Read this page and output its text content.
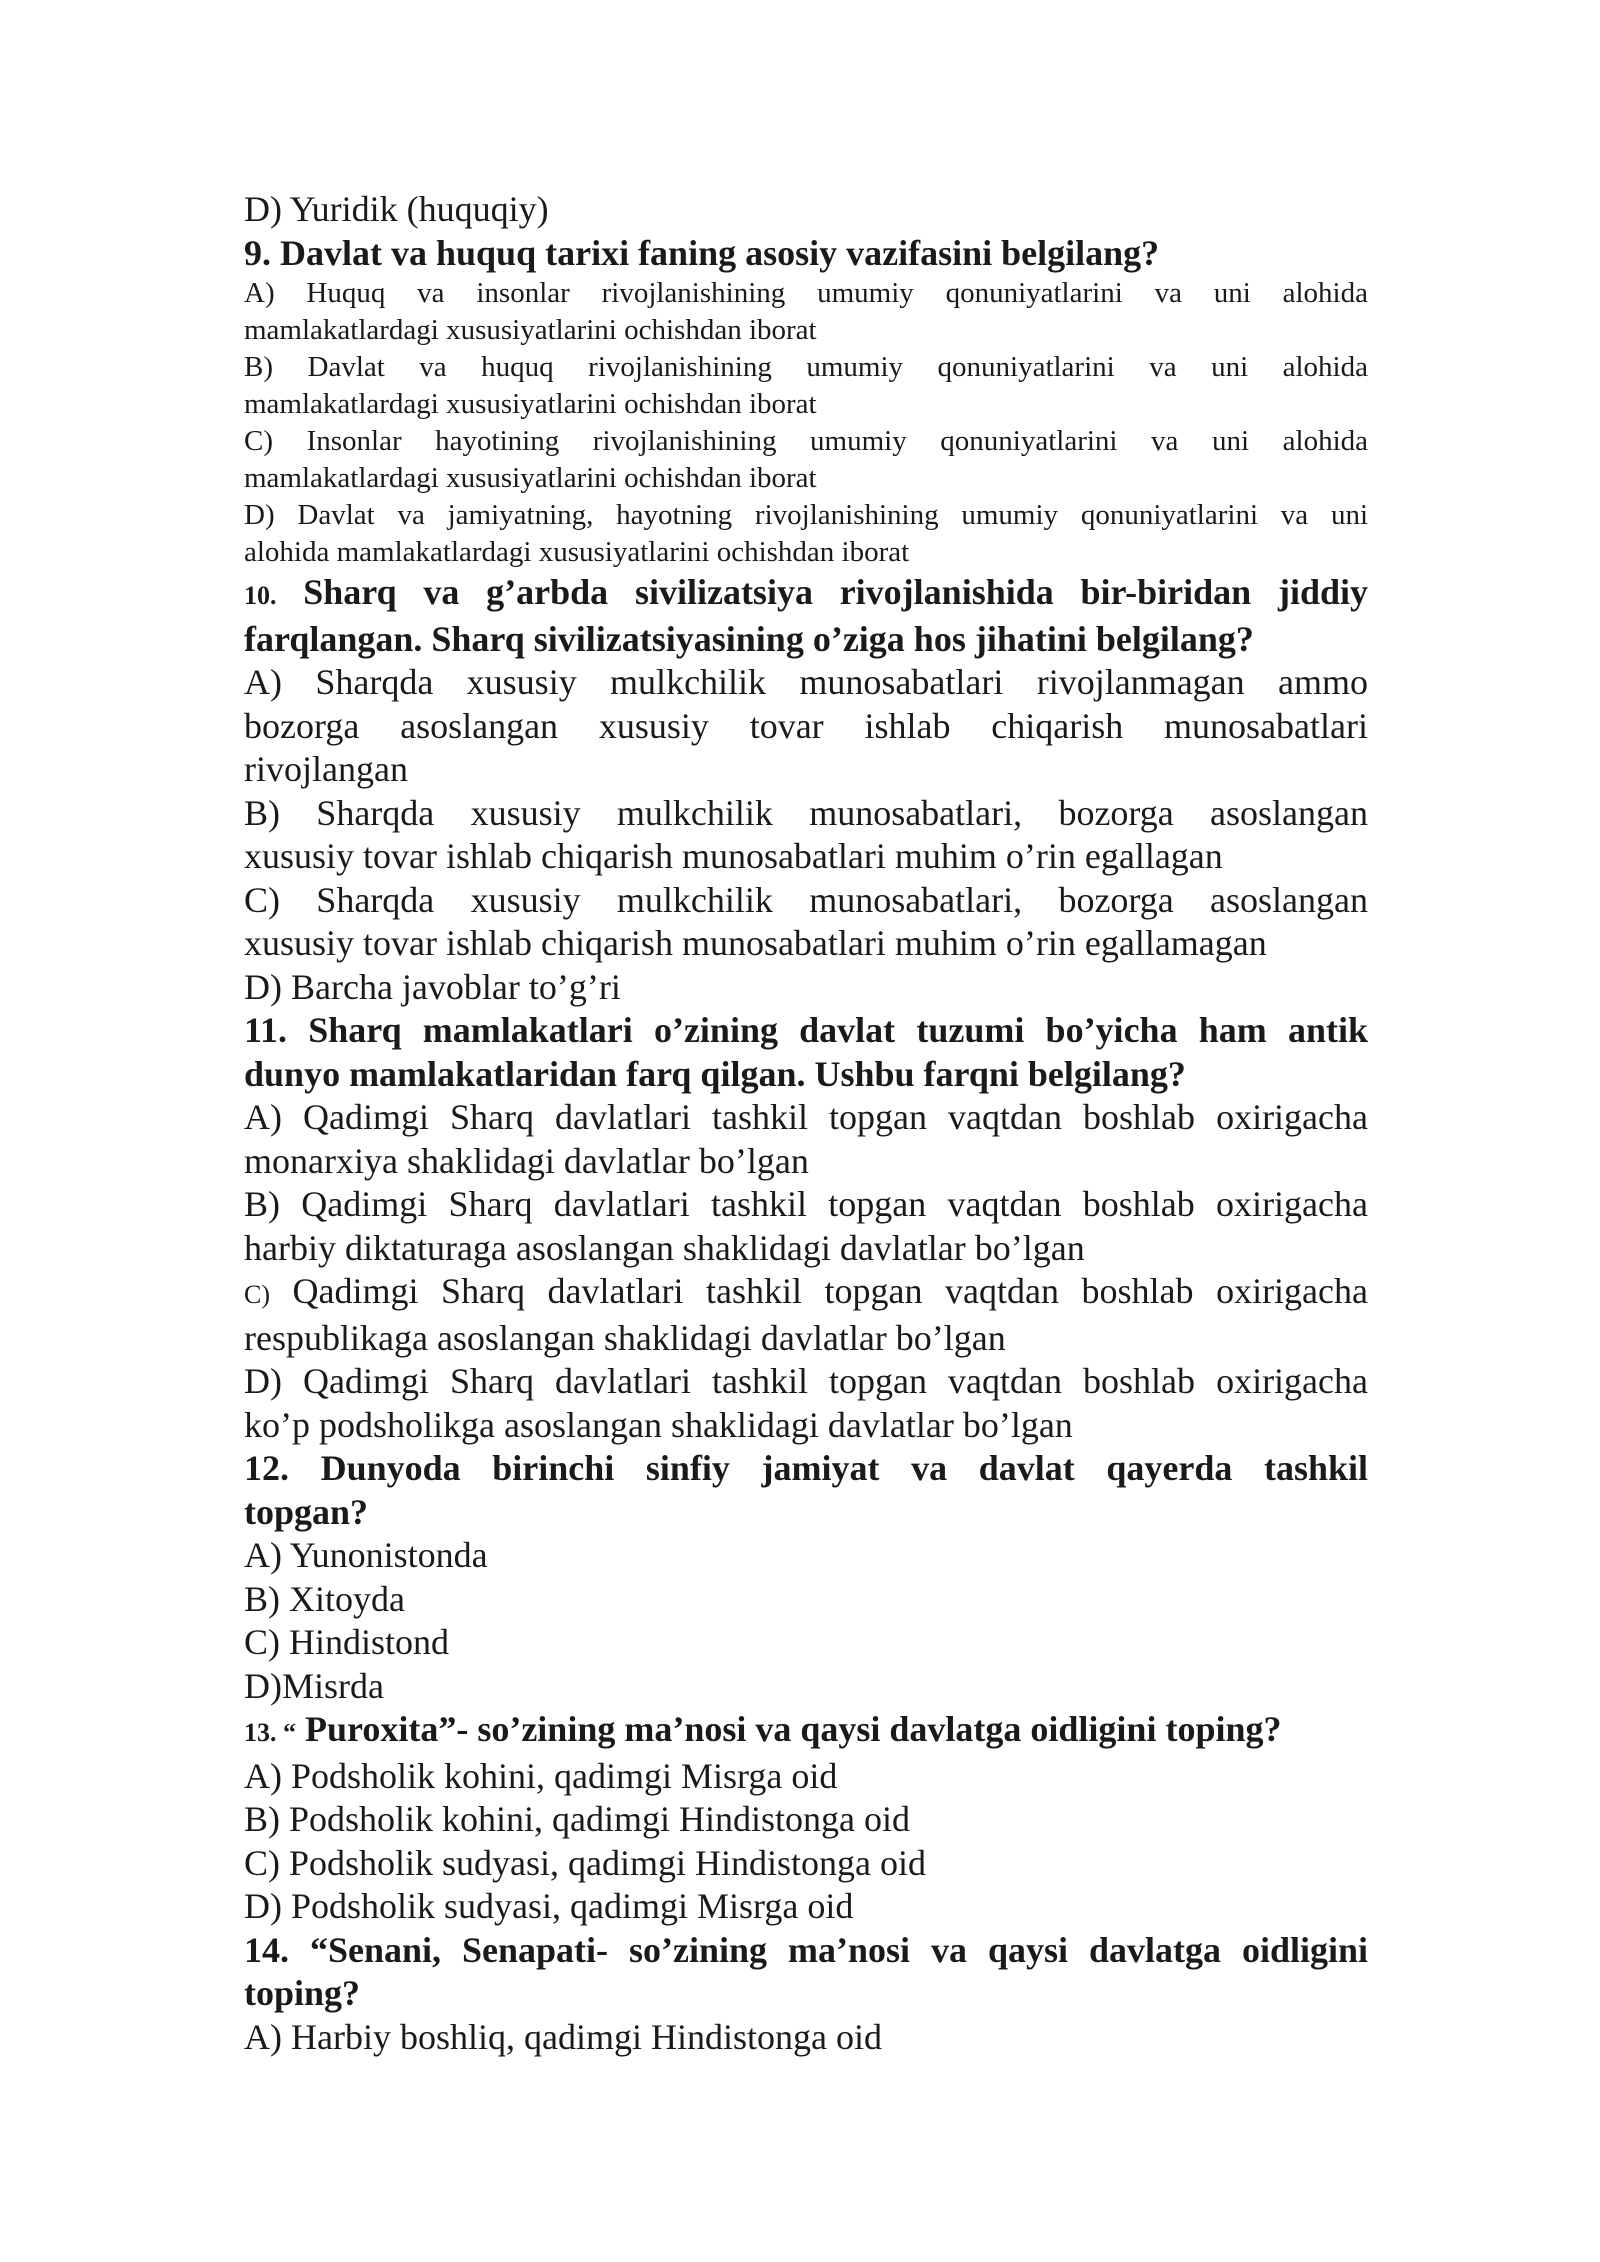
D) Yuridik (huquqiy)
9. Davlat va huquq tarixi faning asosiy vazifasini belgilang?
A) Huquq va insonlar rivojlanishining umumiy qonuniyatlarini va uni alohida
mamlakatlardagi xususiyatlarini ochishdan iborat
B) Davlat va huquq rivojlanishining umumiy qonuniyatlarini va uni alohida
mamlakatlardagi xususiyatlarini ochishdan iborat
C) Insonlar hayotining rivojlanishining umumiy qonuniyatlarini va uni alohida
mamlakatlardagi xususiyatlarini ochishdan iborat
D) Davlat va jamiyatning, hayotning rivojlanishining umumiy qonuniyatlarini va uni
alohida mamlakatlardagi xususiyatlarini ochishdan iborat
10. Sharq va g’arbda sivilizatsiya rivojlanishida bir-biridan jiddiy
farqlangan. Sharq sivilizatsiyasining o’ziga hos jihatini belgilang?
A) Sharqda xususiy mulkchilik munosabatlari rivojlanmagan ammo
bozorga asoslangan xususiy tovar ishlab chiqarish munosabatlari
rivojlangan
B) Sharqda xususiy mulkchilik munosabatlari, bozorga asoslangan
xususiy tovar ishlab chiqarish munosabatlari muhim o’rin egallagan
C) Sharqda xususiy mulkchilik munosabatlari, bozorga asoslangan
xususiy tovar ishlab chiqarish munosabatlari muhim o’rin egallamagan
D) Barcha javoblar to’g’ri
11. Sharq mamlakatlari o’zining davlat tuzumi bo’yicha ham antik
dunyo mamlakatlaridan farq qilgan. Ushbu farqni belgilang?
A) Qadimgi Sharq davlatlari tashkil topgan vaqtdan boshlab oxirigacha
monarxiya shaklidagi davlatlar bo’lgan
B) Qadimgi Sharq davlatlari tashkil topgan vaqtdan boshlab oxirigacha
harbiy diktaturaga asoslangan shaklidagi davlatlar bo’lgan
C) Qadimgi Sharq davlatlari tashkil topgan vaqtdan boshlab oxirigacha
respublikaga asoslangan shaklidagi davlatlar bo’lgan
D) Qadimgi Sharq davlatlari tashkil topgan vaqtdan boshlab oxirigacha
ko’p podsholikga asoslangan shaklidagi davlatlar bo’lgan
12. Dunyoda birinchi sinfiy jamiyat va davlat qayerda tashkil
topgan?
A) Yunonistonda
B) Xitoyda
C) Hindistond
D)Misrda
13. “ Puroxita”- so’zining ma’nosi va qaysi davlatga oidligini toping?
A) Podsholik kohini, qadimgi Misrga oid
B) Podsholik kohini, qadimgi Hindistonga oid
C) Podsholik sudyasi, qadimgi Hindistonga oid
D) Podsholik sudyasi, qadimgi Misrga oid
14. “Senani, Senapati- so’zining ma’nosi va qaysi davlatga oidligini
toping?
A) Harbiy boshliq, qadimgi Hindistonga oid
